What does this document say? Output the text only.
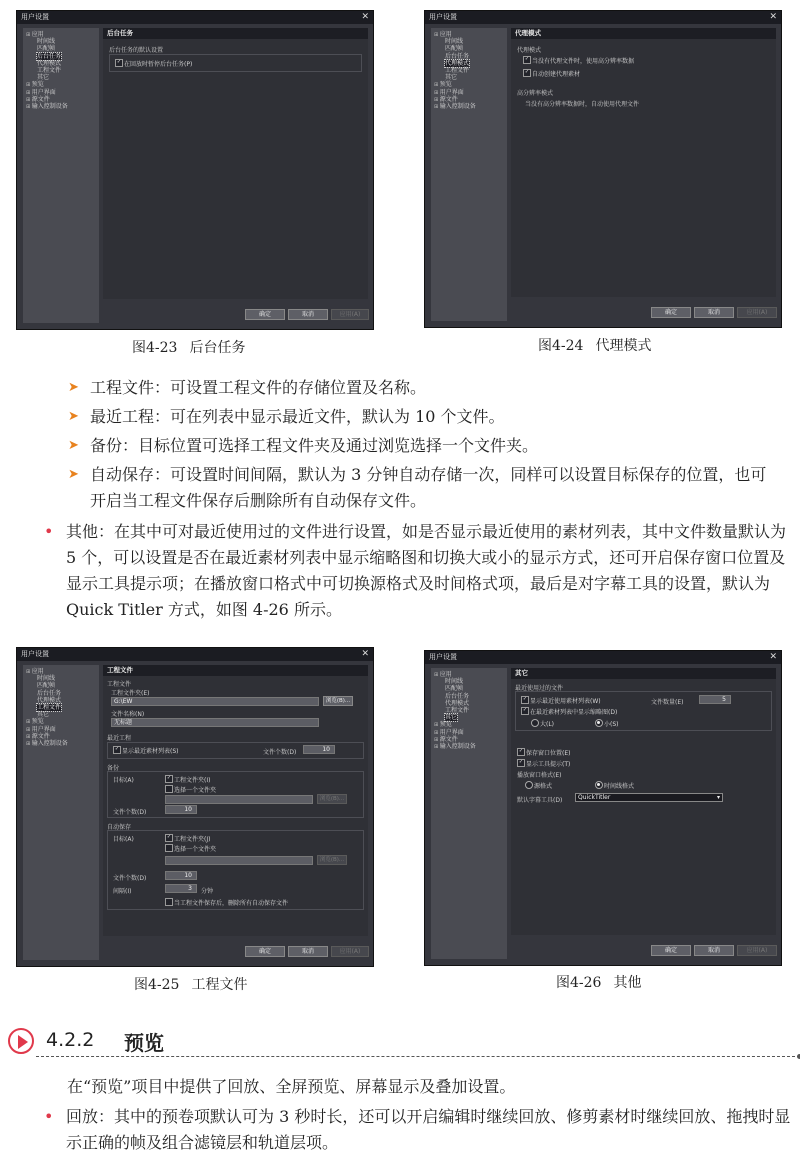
用户设置	✕
⊞ 应用
时间线
匹配帧
后台任务
代理模式
工程文件
其它
⊞ 预览
⊞ 用户界面
⊞ 源文件
⊞ 输入控制设备
后台任务
后台任务的默认设置
✓ 在回放时暂停后台任务(P)
确定	取消	应用(A)
图4-23 后台任务
用户设置	✕
⊞ 应用
时间线
匹配帧
后台任务
代理模式
工程文件
其它
⊞ 预览
⊞ 用户界面
⊞ 源文件
⊞ 输入控制设备
代理模式
代理模式
✓ 当没有代理文件时，使用高分辨率数据
✓ 自动创建代理素材
高分辨率模式
当没有高分辨率数据时，自动使用代理文件
确定	取消	应用(A)
图4-24 代理模式
➤ 工程文件：可设置工程文件的存储位置及名称。
➤ 最近工程：可在列表中显示最近文件，默认为 10 个文件。
➤ 备份：目标位置可选择工程文件夹及通过浏览选择一个文件夹。
➤ 自动保存：可设置时间间隔，默认为 3 分钟自动存储一次，同样可以设置目标保存的位置，也可开启当工程文件保存后删除所有自动保存文件。
• 其他：在其中可对最近使用过的文件进行设置，如是否显示最近使用的素材列表，其中文件数量默认为 5 个，可以设置是否在最近素材列表中显示缩略图和切换大或小的显示方式，还可开启保存窗口位置及显示工具提示项；在播放窗口格式中可切换源格式及时间格式项，最后是对字幕工具的设置，默认为 Quick Titler 方式，如图 4-26 所示。
用户设置	✕
⊞ 应用
时间线
匹配帧
后台任务
代理模式
工程文件
其它
⊞ 预览
⊞ 用户界面
⊞ 源文件
⊞ 输入控制设备
工程文件
工程文件
工程文件夹(E)
G:\EW	浏览(B)...
文件名称(N)
无标题
最近工程
✓ 显示最近素材列表(S)	文件个数(D)	10
备份
目标(A)	✓ 工程文件夹(I)
选择一个文件夹
浏览(B)...
文件个数(D)	10
自动保存
目标(A)	✓ 工程文件夹(J)
选择一个文件夹
浏览(B)...
文件个数(D)	10
间隔(I)	3	分钟
当工程文件保存后，删除所有自动保存文件
确定	取消	应用(A)
图4-25 工程文件
用户设置	✕
⊞ 应用
时间线
匹配帧
后台任务
代理模式
工程文件
其它
⊞ 预览
⊞ 用户界面
⊞ 源文件
⊞ 输入控制设备
其它
最近使用过的文件
✓ 显示最近使用素材列表(W)	文件数量(E)	5
✓ 在最近素材列表中显示缩略图(D)
大(L)	小(S)
✓ 保存窗口位置(E)
✓ 显示工具提示(T)
播放窗口格式(E)
源格式	时间线格式
默认字幕工具(D)	QuickTitler ▾
确定	取消	应用(A)
图4-26 其他
4.2.2 预览
在“预览”项目中提供了回放、全屏预览、屏幕显示及叠加设置。
• 回放：其中的预卷项默认可为 3 秒时长，还可以开启编辑时继续回放、修剪素材时继续回放、拖拽时显示正确的帧及组合滤镜层和轨道层项。
